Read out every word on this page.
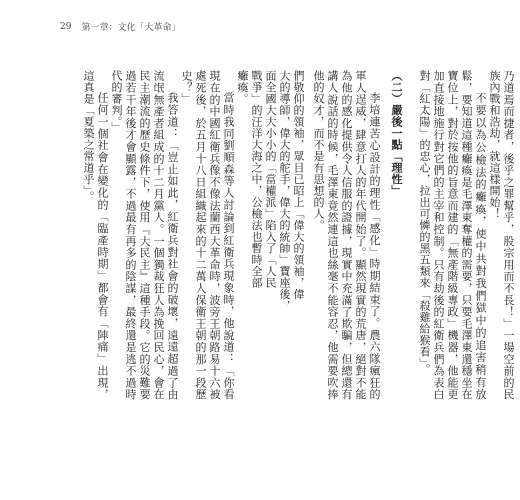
29 第一章：文化「大革命」

們敬仰的領袖，眾目已昭上「偉大的領袖，偉

大的導師，偉大的舵手，偉大的統帥」寶座後，

面全國大大小小的「當權派」陷入了「人民

戰爭」的汪洋大海之中，公檢法也暫時全部

癱瘓。

當時我同劉順森等人討論到紅衛兵現象時，他說道：「你看現在的中國紅衛兵像不像法蘭西大革命時，波旁王朝路易十六被處死後，於五月十八日組織起來的十二萬人保衛王朝的那一段歷史？」

我答道：「豈止如此，紅衛兵對社會的破壞，遠遠超過了由流氓無產者組成的十二月黨人。一個獨裁狂人為挽回民心，會在民主潮流的歷史條件下，使用『大民主』這種手段。它的災難要過若干年後才會顯露，不過最有再多的陰謀，最終還是逃不過時代的審判。」

任何一個社會在變化的「臨產時期」都會有「陣痛」出現，這真是「夏築之常道乎」。	乃道焉而捷者，後乎之罪幫乎，股宗用而不長！」一場空前的民族內戰和浩劫，就這樣開始！

不要以為公檢法的癱瘓，使中共對我們獄中的追害稍有放鬆，要知道這種癱瘓是毛澤東奪權的需要，只要毛澤東還穩坐在寶位上，對於按他的旨意而建的「無產階級專政」機器，他能更加直接地施行對它們的主宰和控制。只有劫後的紅衛兵們為表白對「紅太陽」的忠心，拉出可憐的黑五類來「殺雞給猴看」。

（二）嚴後一點「理性」

李培連苦心設計的理性「感化」時期結束了。農六隊瘋狂的軍人逞威，肆意打人的年代開始了。顯然現實的荒唐，絕對不能為他的感化提供令人信服的證據，現實中充滿了欺騙，但總還有講人說話的時候，毛澤東竟然連這也絲毫不能容忍，他需要吹捧他的奴才，而不是有思想的人。
